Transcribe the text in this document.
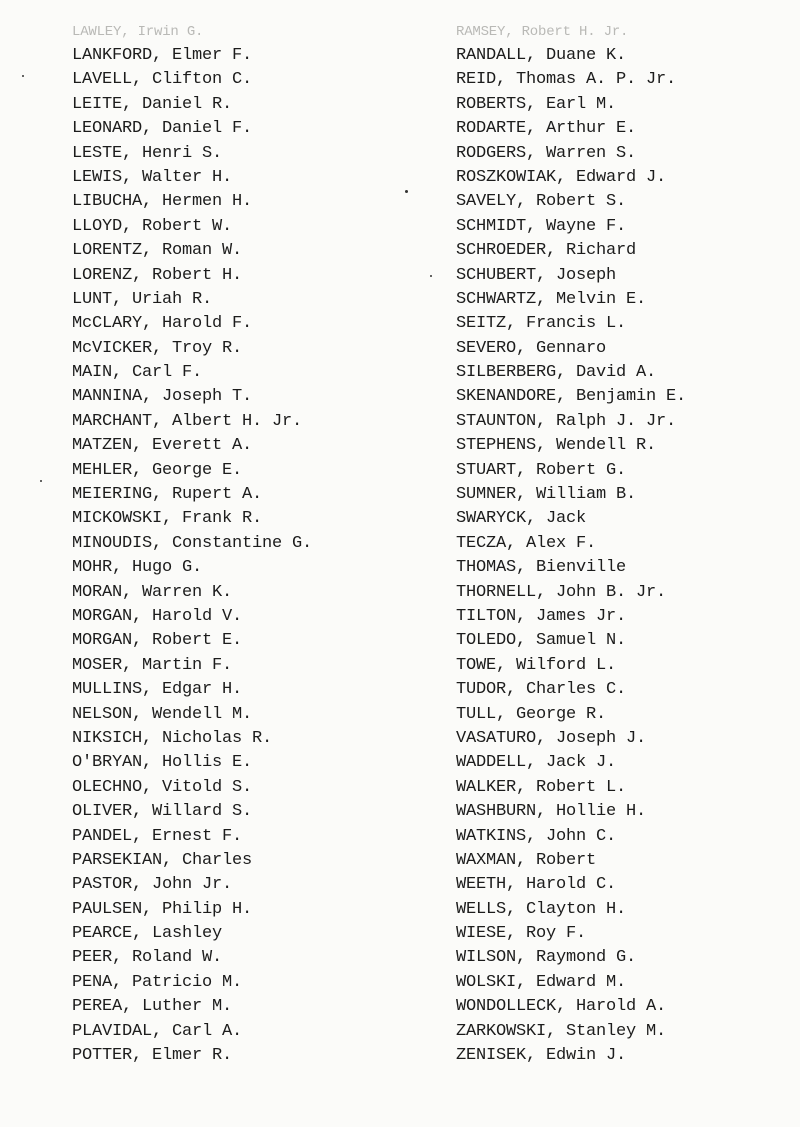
LAWLEY, Irwin G.
LANKFORD, Elmer F.
LAVELL, Clifton C.
LEITE, Daniel R.
LEONARD, Daniel F.
LESTE, Henri S.
LEWIS, Walter H.
LIBUCHA, Hermen H.
LLOYD, Robert W.
LORENTZ, Roman W.
LORENZ, Robert H.
LUNT, Uriah R.
McCLARY, Harold F.
McVICKER, Troy R.
MAIN, Carl F.
MANNINA, Joseph T.
MARCHANT, Albert H. Jr.
MATZEN, Everett A.
MEHLER, George E.
MEIERING, Rupert A.
MICKOWSKI, Frank R.
MINOUDIS, Constantine G.
MOHR, Hugo G.
MORAN, Warren K.
MORGAN, Harold V.
MORGAN, Robert E.
MOSER, Martin F.
MULLINS, Edgar H.
NELSON, Wendell M.
NIKSICH, Nicholas R.
O'BRYAN, Hollis E.
OLECHNO, Vitold S.
OLIVER, Willard S.
PANDEL, Ernest F.
PARSEKIAN, Charles
PASTOR, John Jr.
PAULSEN, Philip H.
PEARCE, Lashley
PEER, Roland W.
PENA, Patricio M.
PEREA, Luther M.
PLAVIDAL, Carl A.
POTTER, Elmer R.
RAMSEY, Robert H. Jr.
RANDALL, Duane K.
REID, Thomas A. P. Jr.
ROBERTS, Earl M.
RODARTE, Arthur E.
RODGERS, Warren S.
ROSZKOWIAK, Edward J.
SAVELY, Robert S.
SCHMIDT, Wayne F.
SCHROEDER, Richard
SCHUBERT, Joseph
SCHWARTZ, Melvin E.
SEITZ, Francis L.
SEVERO, Gennaro
SILBERBERG, David A.
SKENANDORE, Benjamin E.
STAUNTON, Ralph J. Jr.
STEPHENS, Wendell R.
STUART, Robert G.
SUMNER, William B.
SWARYCK, Jack
TECZA, Alex F.
THOMAS, Bienville
THORNELL, John B. Jr.
TILTON, James Jr.
TOLEDO, Samuel N.
TOWE, Wilford L.
TUDOR, Charles C.
TULL, George R.
VASATURO, Joseph J.
WADDELL, Jack J.
WALKER, Robert L.
WASHBURN, Hollie H.
WATKINS, John C.
WAXMAN, Robert
WEETH, Harold C.
WELLS, Clayton H.
WIESE, Roy F.
WILSON, Raymond G.
WOLSKI, Edward M.
WONDOLLECK, Harold A.
ZARKOWSKI, Stanley M.
ZENISEK, Edwin J.
